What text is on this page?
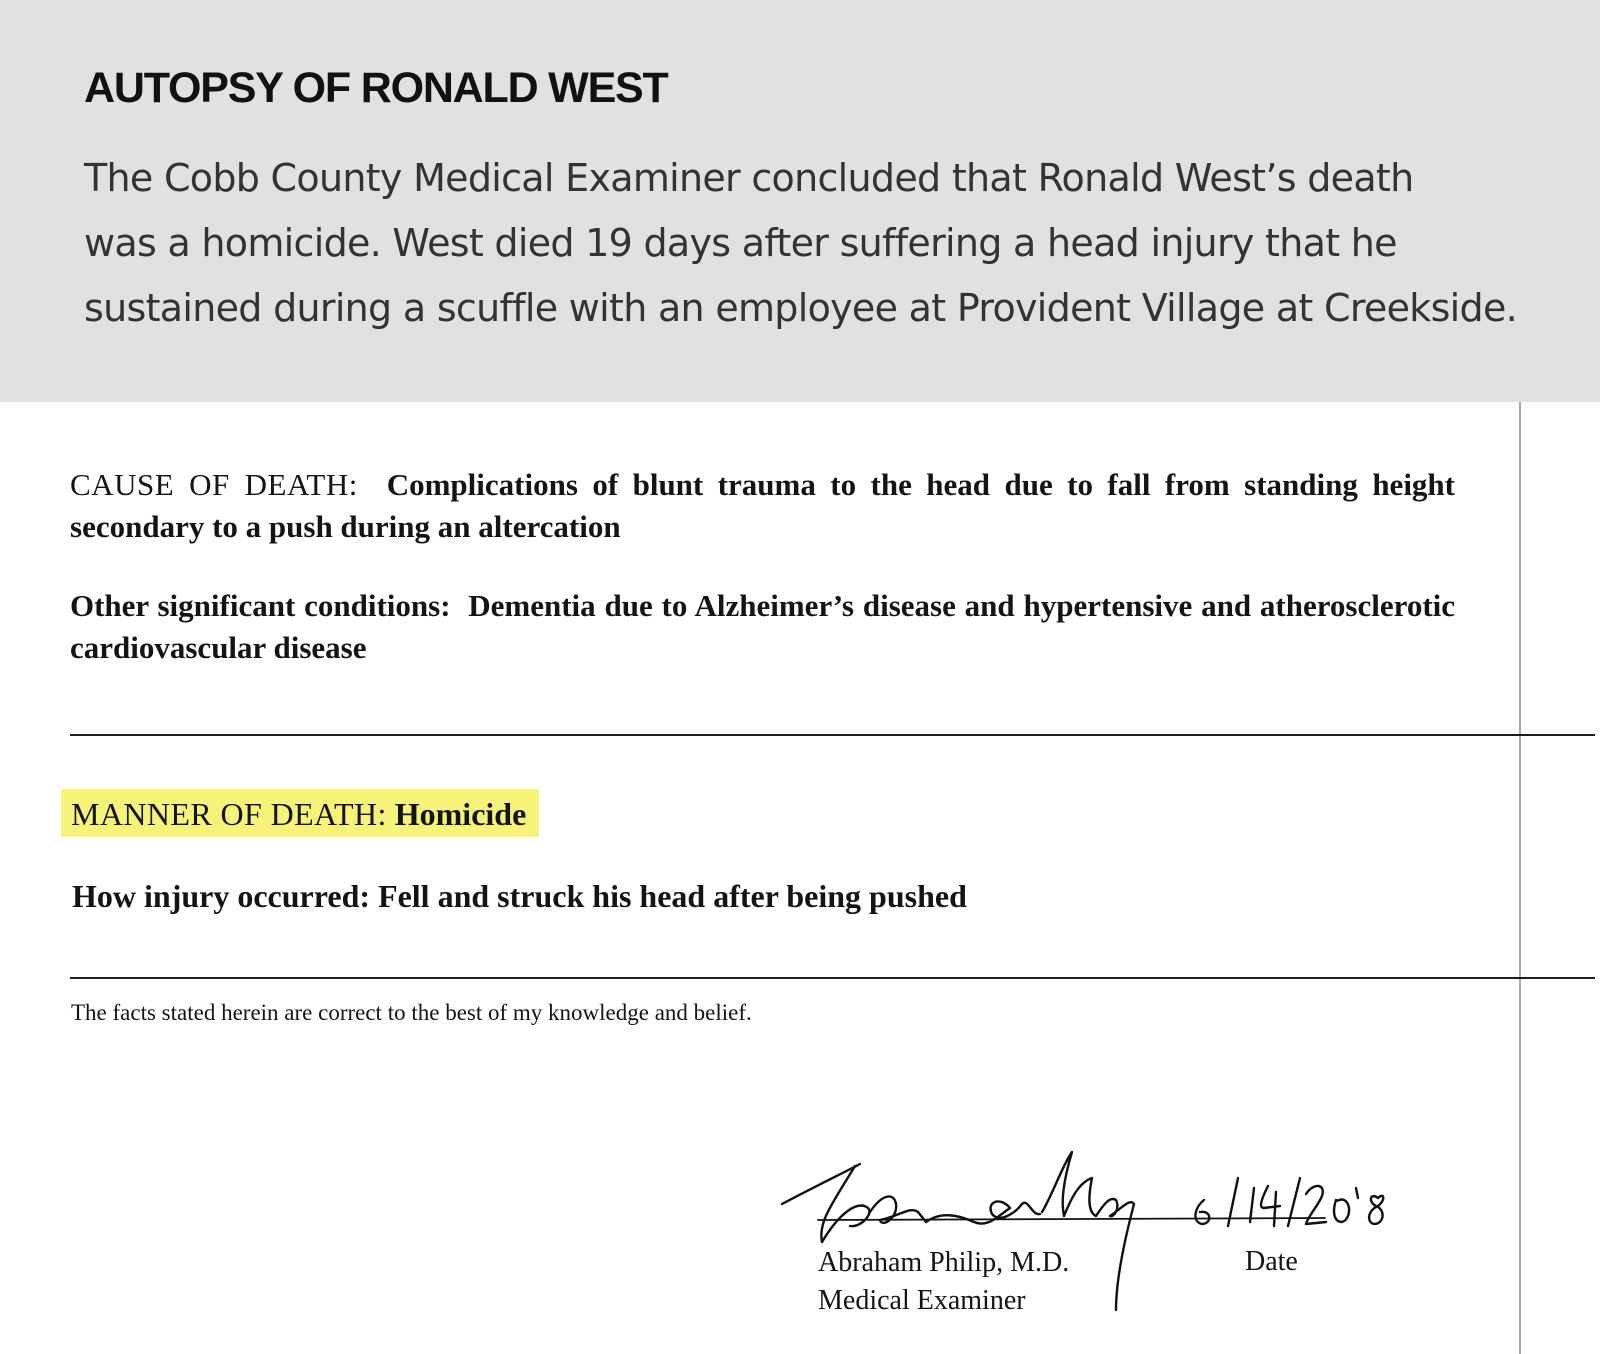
AUTOPSY OF RONALD WEST

The Cobb County Medical Examiner concluded that Ronald West’s death
was a homicide. West died 19 days after suffering a head injury that he
sustained during a scuffle with an employee at Provident Village at Creekside.

CAUSE OF DEATH: Complications of blunt trauma to the head due to fall from standing height secondary to a push during an altercation

Other significant conditions: Dementia due to Alzheimer’s disease and hypertensive and atherosclerotic cardiovascular disease

MANNER OF DEATH: Homicide

How injury occurred: Fell and struck his head after being pushed

The facts stated herein are correct to the best of my knowledge and belief.

Abraham Philip, M.D.

Medical Examiner

Date
